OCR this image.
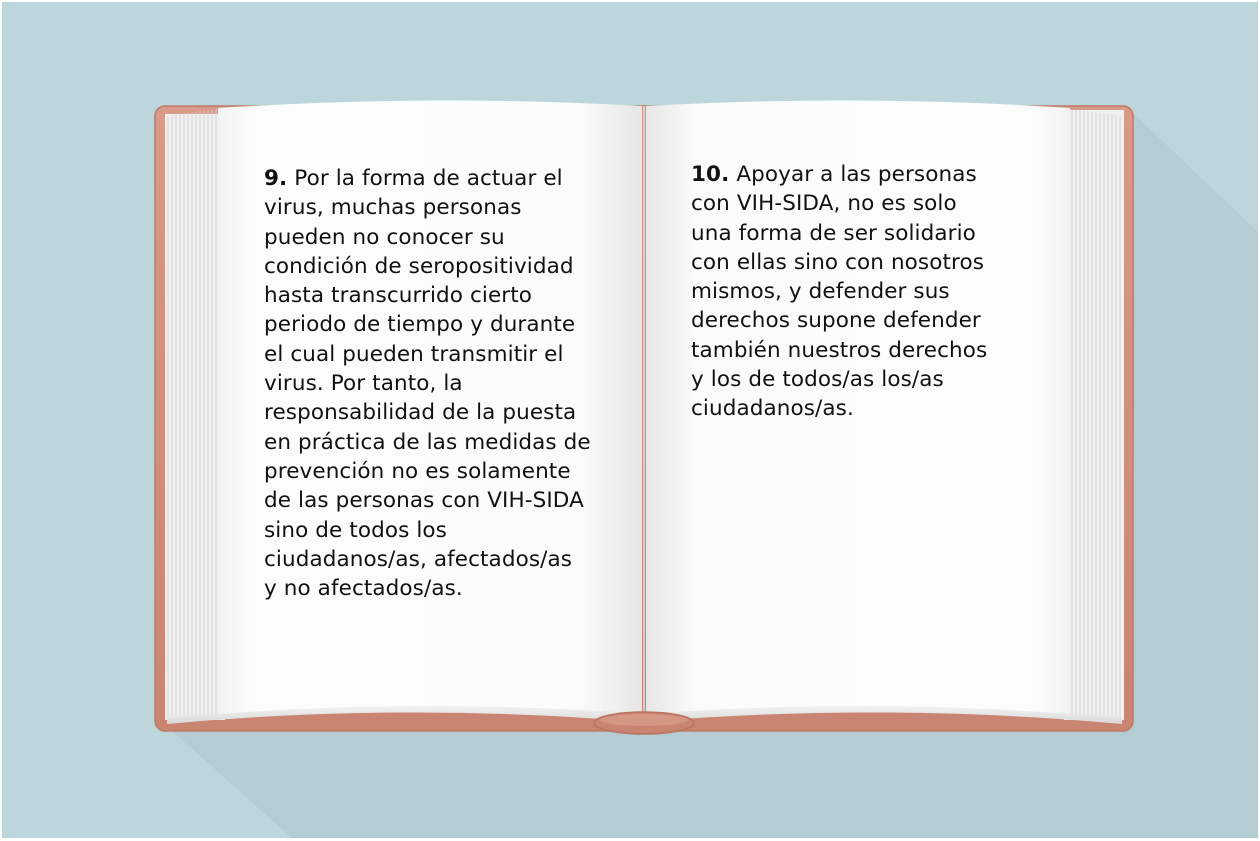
9. Por la forma de actuar el
virus, muchas personas
pueden no conocer su
condición de seropositividad
hasta transcurrido cierto
periodo de tiempo y durante
el cual pueden transmitir el
virus. Por tanto, la
responsabilidad de la puesta
en práctica de las medidas de
prevención no es solamente
de las personas con VIH-SIDA
sino de todos los
ciudadanos/as, afectados/as
y no afectados/as.
10. Apoyar a las personas
con VIH-SIDA, no es solo
una forma de ser solidario
con ellas sino con nosotros
mismos, y defender sus
derechos supone defender
también nuestros derechos
y los de todos/as los/as
ciudadanos/as.
